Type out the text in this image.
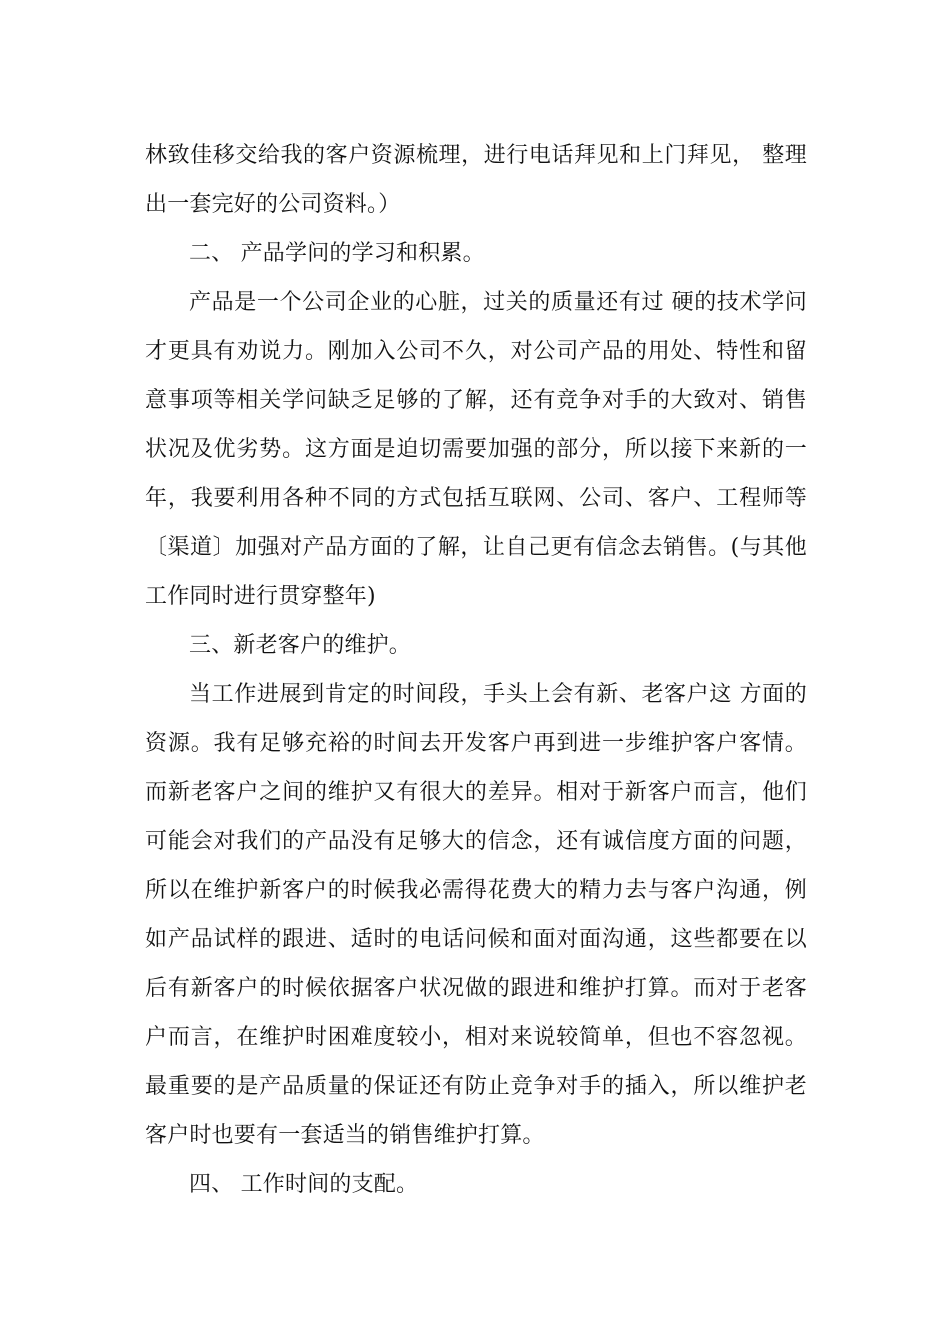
林致佳移交给我的客户资源梳理，进行电话拜见和上门拜见， 整理出一套完好的公司资料。）

二、 产品学问的学习和积累。

产品是一个公司企业的心脏，过关的质量还有过 硬的技术学问才更具有劝说力。刚加入公司不久，对公司产品的用处、特性和留意事项等相关学问缺乏足够的了解，还有竞争对手的大致对、销售状况及优劣势。这方面是迫切需要加强的部分，所以接下来新的一年，我要利用各种不同的方式包括互联网、公司、客户、工程师等〔渠道〕加强对产品方面的了解，让自己更有信念去销售。(与其他工作同时进行贯穿整年)

三、新老客户的维护。

当工作进展到肯定的时间段，手头上会有新、老客户这 方面的资源。我有足够充裕的时间去开发客户再到进一步维护客户客情。而新老客户之间的维护又有很大的差异。相对于新客户而言，他们可能会对我们的产品没有足够大的信念，还有诚信度方面的问题，所以在维护新客户的时候我必需得花费大的精力去与客户沟通，例如产品试样的跟进、适时的电话问候和面对面沟通，这些都要在以后有新客户的时候依据客户状况做的跟进和维护打算。而对于老客户而言，在维护时困难度较小，相对来说较简单，但也不容忽视。最重要的是产品质量的保证还有防止竞争对手的插入，所以维护老客户时也要有一套适当的销售维护打算。

四、 工作时间的支配。
